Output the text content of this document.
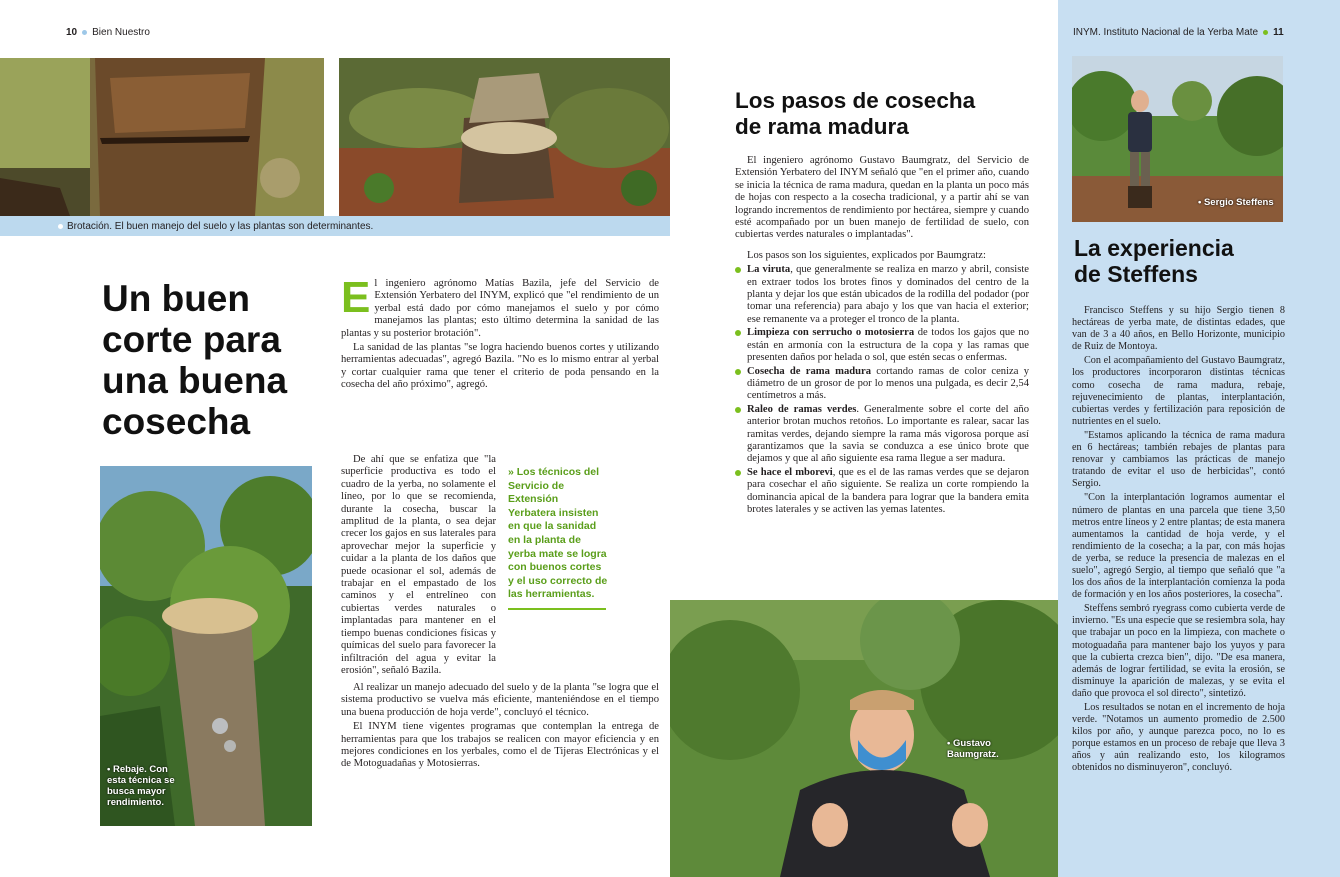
10 Bien Nuestro	INYM. Instituto Nacional de la Yerba Mate 11
Brotación. El buen manejo del suelo y las plantas son determinantes.
Un buen corte para una buena cosecha
• Rebaje. Con esta técnica se busca mayor rendimiento.
E l ingeniero agrónomo Matías Bazila, jefe del Servicio de Extensión Yerbatero del INYM, explicó que "el rendimiento de un yerbal está dado por cómo manejamos el suelo y por cómo manejamos las plantas; esto último determina la sanidad de las plantas y su posterior brotación".

La sanidad de las plantas "se logra haciendo buenos cortes y utilizando herramientas adecuadas", agregó Bazila. "No es lo mismo entrar al yerbal y cortar cualquier rama que tener el criterio de poda pensando en la cosecha del año próximo", agregó.

De ahí que se enfatiza que "la superficie productiva es todo el cuadro de la yerba, no solamente el líneo, por lo que se recomienda, durante la cosecha, buscar la amplitud de la planta, o sea dejar crecer los gajos en sus laterales para aprovechar mejor la superficie y cuidar a la planta de los daños que puede ocasionar el sol, además de trabajar en el empastado de los caminos y el entrelíneo con cubiertas verdes naturales o implantadas para mantener en el tiempo buenas condiciones físicas y químicas del suelo para favorecer la infiltración del agua y evitar la erosión", señaló Bazila.

» Los técnicos del Servicio de Extensión Yerbatera insisten en que la sanidad en la planta de yerba mate se logra con buenos cortes y el uso correcto de las herramientas.

Al realizar un manejo adecuado del suelo y de la planta "se logra que el sistema productivo se vuelva más eficiente, manteniéndose en el tiempo una buena producción de hoja verde", concluyó el técnico.

El INYM tiene vigentes programas que contemplan la entrega de herramientas para que los trabajos se realicen con mayor eficiencia y en mejores condiciones en los yerbales, como el de Tijeras Electrónicas y el de Motoguadañas y Motosierras.

Los pasos de cosecha
de rama madura

El ingeniero agrónomo Gustavo Baumgratz, del Servicio de Extensión Yerbatero del INYM señaló que "en el primer año, cuando se inicia la técnica de rama madura, quedan en la planta un poco más de hojas con respecto a la cosecha tradicional, y a partir ahí se van logrando incrementos de rendimiento por hectárea, siempre y cuando esté acompañado por un buen manejo de fertilidad de suelo, con cubiertas verdes naturales o implantadas".

Los pasos son los siguientes, explicados por Baumgratz:

La viruta, que generalmente se realiza en marzo y abril, consiste en extraer todos los brotes finos y dominados del centro de la planta y dejar los que están ubicados de la rodilla del podador (por tomar una referencia) para abajo y los que van hacia el exterior; ese remanente va a proteger el tronco de la planta.
Limpieza con serrucho o motosierra de todos los gajos que no están en armonía con la estructura de la copa y las ramas que presenten daños por helada o sol, que estén secas o enfermas.
Cosecha de rama madura cortando ramas de color ceniza y diámetro de un grosor de por lo menos una pulgada, es decir 2,54 centímetros a más.
Raleo de ramas verdes. Generalmente sobre el corte del año anterior brotan muchos retoños. Lo importante es ralear, sacar las ramitas verdes, dejando siempre la rama más vigorosa porque así garantizamos que la savia se conduzca a ese único brote que dejamos y que al año siguiente esa rama llegue a ser madura.
Se hace el mborevi, que es el de las ramas verdes que se dejaron para cosechar el año siguiente. Se realiza un corte rompiendo la dominancia apical de la bandera para lograr que la bandera emita brotes laterales y se activen las yemas latentes.
• Gustavo Baumgratz.
• Sergio Steffens
La experiencia
de Steffens

Francisco Steffens y su hijo Sergio tienen 8 hectáreas de yerba mate, de distintas edades, que van de 3 a 40 años, en Bello Horizonte, municipio de Ruiz de Montoya.

Con el acompañamiento del Gustavo Baumgratz, los productores incorporaron distintas técnicas como cosecha de rama madura, rebaje, rejuvenecimiento de plantas, interplantación, cubiertas verdes y fertilización para reposición de nutrientes en el suelo.

"Estamos aplicando la técnica de rama madura en 6 hectáreas; también rebajes de plantas para renovar y cambiamos las prácticas de manejo tratando de evitar el uso de herbicidas", contó Sergio.

"Con la interplantación logramos aumentar el número de plantas en una parcela que tiene 3,50 metros entre líneos y 2 entre plantas; de esta manera aumentamos la cantidad de hoja verde, y el rendimiento de la cosecha; a la par, con más hojas de yerba, se reduce la presencia de malezas en el suelo", agregó Sergio, al tiempo que señaló que "a los dos años de la interplantación comienza la poda de formación y en los años posteriores, la cosecha".

Steffens sembró ryegrass como cubierta verde de invierno. "Es una especie que se resiembra sola, hay que trabajar un poco en la limpieza, con machete o motoguadaña para mantener bajo los yuyos y para que la cubierta crezca bien", dijo. "De esa manera, además de lograr fertilidad, se evita la erosión, se disminuye la aparición de malezas, y se evita el daño que provoca el sol directo", sintetizó.

Los resultados se notan en el incremento de hoja verde. "Notamos un aumento promedio de 2.500 kilos por año, y aunque parezca poco, no lo es porque estamos en un proceso de rebaje que lleva 3 años y aún realizando esto, los kilogramos obtenidos no disminuyeron", concluyó.
